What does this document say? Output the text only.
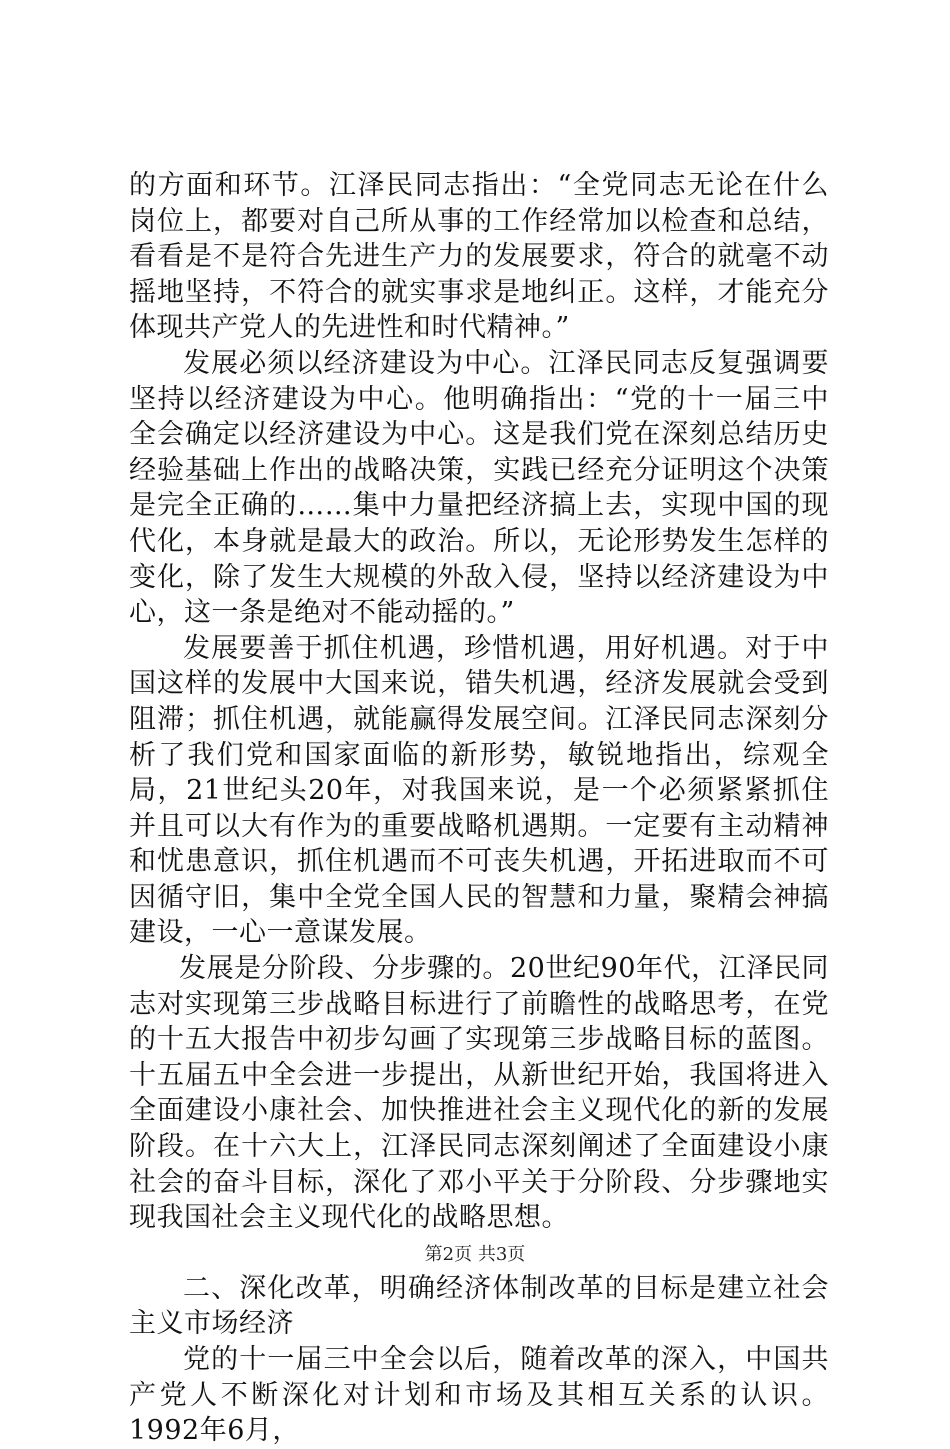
的方面和环节。江泽民同志指出：“全党同志无论在什么岗位上，都要对自己所从事的工作经常加以检查和总结，看看是不是符合先进生产力的发展要求，符合的就毫不动摇地坚持，不符合的就实事求是地纠正。这样，才能充分体现共产党人的先进性和时代精神。”

发展必须以经济建设为中心。江泽民同志反复强调要坚持以经济建设为中心。他明确指出：“党的十一届三中全会确定以经济建设为中心。这是我们党在深刻总结历史经验基础上作出的战略决策，实践已经充分证明这个决策是完全正确的……集中力量把经济搞上去，实现中国的现代化，本身就是最大的政治。所以，无论形势发生怎样的变化，除了发生大规模的外敌入侵，坚持以经济建设为中心，这一条是绝对不能动摇的。”

发展要善于抓住机遇，珍惜机遇，用好机遇。对于中国这样的发展中大国来说，错失机遇，经济发展就会受到阻滞；抓住机遇，就能赢得发展空间。江泽民同志深刻分析了我们党和国家面临的新形势，敏锐地指出，综观全局，21世纪头20年，对我国来说，是一个必须紧紧抓住并且可以大有作为的重要战略机遇期。一定要有主动精神和忧患意识，抓住机遇而不可丧失机遇，开拓进取而不可因循守旧，集中全党全国人民的智慧和力量，聚精会神搞建设，一心一意谋发展。

发展是分阶段、分步骤的。20世纪90年代，江泽民同志对实现第三步战略目标进行了前瞻性的战略思考，在党的十五大报告中初步勾画了实现第三步战略目标的蓝图。十五届五中全会进一步提出，从新世纪开始，我国将进入全面建设小康社会、加快推进社会主义现代化的新的发展阶段。在十六大上，江泽民同志深刻阐述了全面建设小康社会的奋斗目标，深化了邓小平关于分阶段、分步骤地实现我国社会主义现代化的战略思想。

二、深化改革，明确经济体制改革的目标是建立社会主义市场经济

党的十一届三中全会以后，随着改革的深入，中国共产党人不断深化对计划和市场及其相互关系的认识。1992年6月，

第2页 共3页
